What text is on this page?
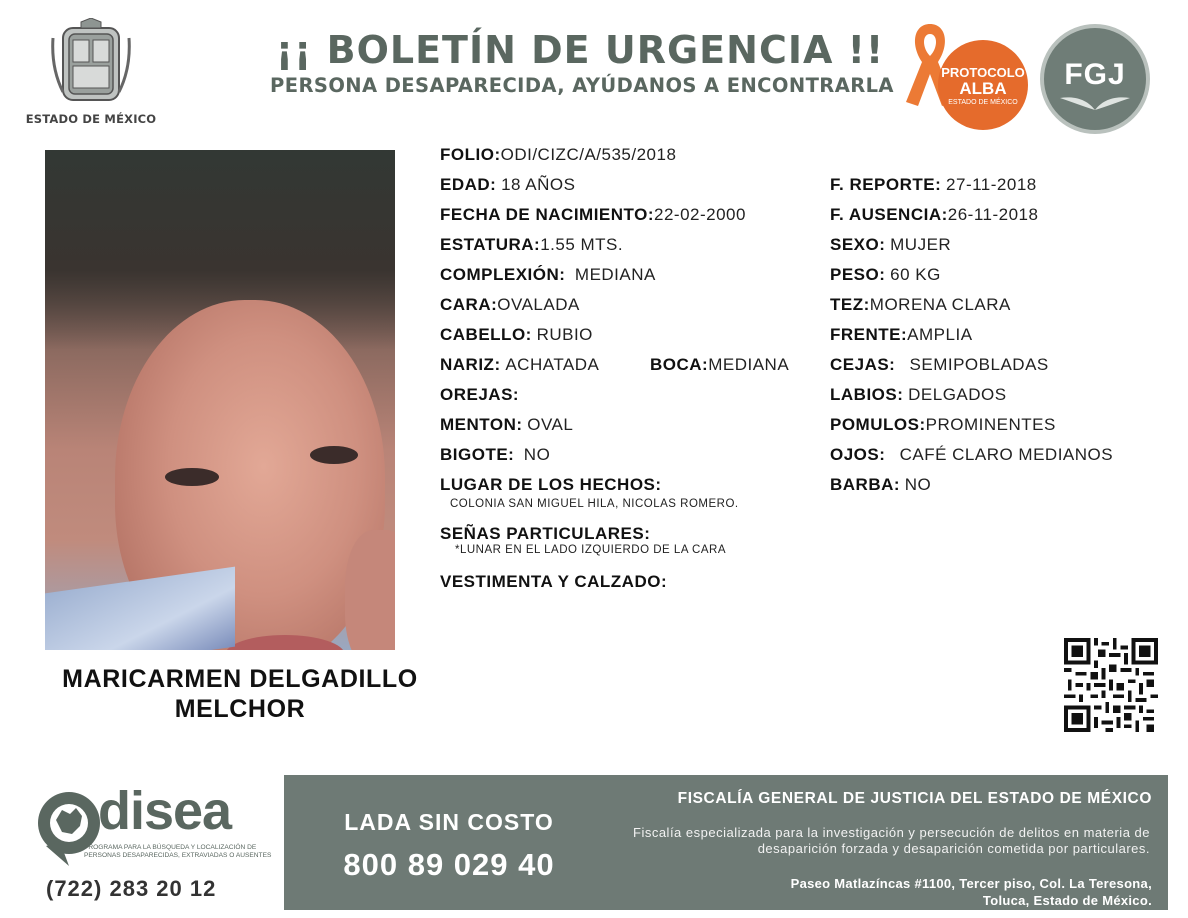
ESTADO DE MÉXICO
¡¡ BOLETÍN DE URGENCIA !!
PERSONA DESAPARECIDA, AYÚDANOS A ENCONTRARLA
PROTOCOLO
ALBA
ESTADO DE MÉXICO
FGJ
MARICARMEN DELGADILLO
MELCHOR
FOLIO:ODI/CIZC/A/535/2018
EDAD: 18 AÑOS
FECHA DE NACIMIENTO:22-02-2000
ESTATURA:1.55 MTS.
COMPLEXIÓN: MEDIANA
CARA:OVALADA
CABELLO: RUBIO
NARIZ: ACHATADA	BOCA:MEDIANA
OREJAS:
MENTON: OVAL
BIGOTE: NO
LUGAR DE LOS HECHOS:
COLONIA SAN MIGUEL HILA, NICOLAS ROMERO.
SEÑAS PARTICULARES:
*LUNAR EN EL LADO IZQUIERDO DE LA CARA
VESTIMENTA Y CALZADO:
F. REPORTE: 27-11-2018
F. AUSENCIA:26-11-2018
SEXO: MUJER
PESO: 60 KG
TEZ:MORENA CLARA
FRENTE:AMPLIA
CEJAS: SEMIPOBLADAS
LABIOS: DELGADOS
POMULOS:PROMINENTES
OJOS: CAFÉ CLARO MEDIANOS
BARBA: NO
disea
PROGRAMA PARA LA BÚSQUEDA Y LOCALIZACIÓN DE PERSONAS DESAPARECIDAS, EXTRAVIADAS O AUSENTES
(722) 283 20 12
LADA SIN COSTO
800 89 029 40
FISCALÍA GENERAL DE JUSTICIA DEL ESTADO DE MÉXICO
Fiscalía especializada para la investigación y persecución de delitos en materia de desaparición forzada y desaparición cometida por particulares.
Paseo Matlazíncas #1100, Tercer piso, Col. La Teresona,
Toluca, Estado de México.
